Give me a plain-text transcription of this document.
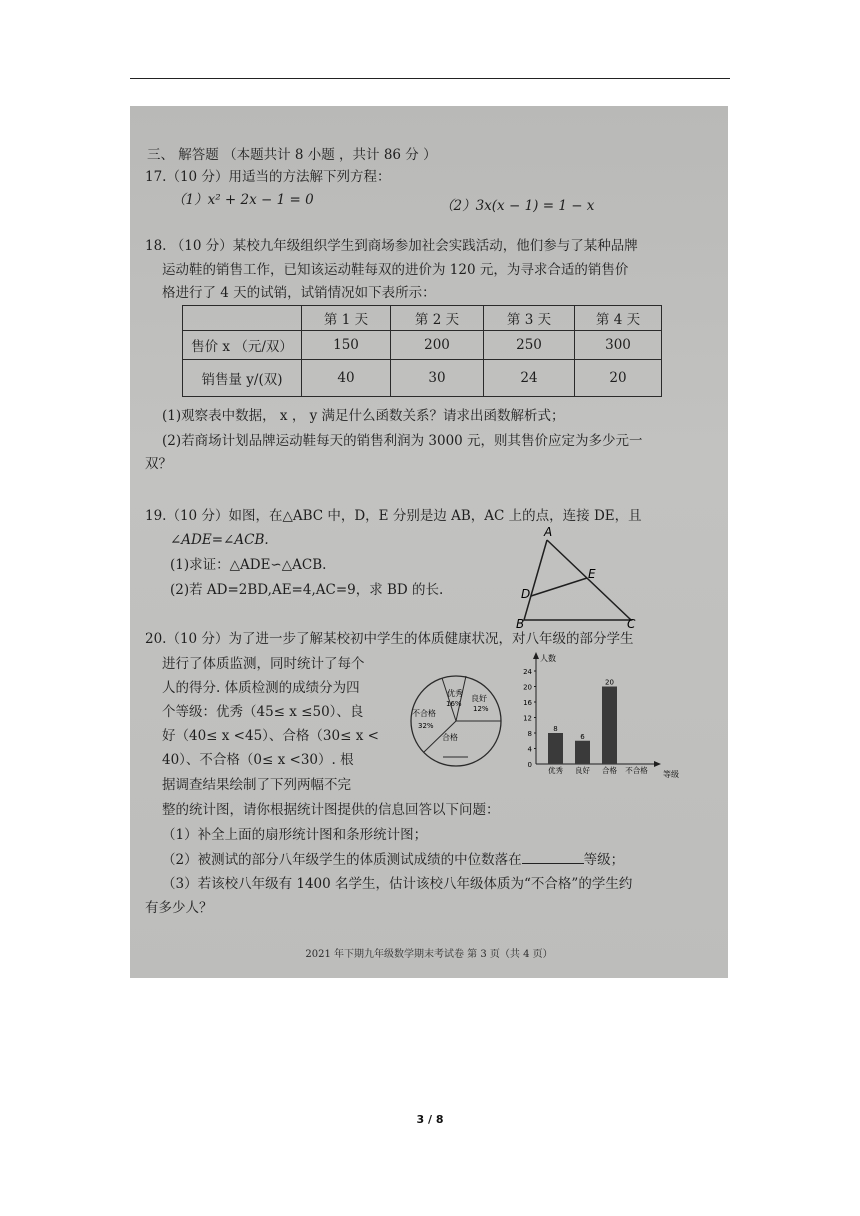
三、 解答题 （本题共计 8 小题 ，共计 86 分 ）
17.（10 分）用适当的方法解下列方程：
（1）x² + 2x − 1 = 0	（2）3x(x − 1) = 1 − x
18. （10 分）某校九年级组织学生到商场参加社会实践活动，他们参与了某种品牌
运动鞋的销售工作，已知该运动鞋每双的进价为 120 元，为寻求合适的销售价
格进行了 4 天的试销，试销情况如下表所示：
	第 1 天	第 2 天	第 3 天	第 4 天
售价 x （元/双）	150	200	250	300
销售量 y/(双)	40	30	24	20
(1)观察表中数据， x ， y 满足什么函数关系？请求出函数解析式；
(2)若商场计划品牌运动鞋每天的销售利润为 3000 元，则其售价应定为多少元一
双？
19.（10 分）如图，在△ABC 中，D，E 分别是边 AB，AC 上的点，连接 DE，且
∠ADE=∠ACB.
(1)求证：△ADE∽△ACB.
(2)若 AD=2BD,AE=4,AC=9，求 BD 的长.
A
B	C
D
E
20.（10 分）为了进一步了解某校初中学生的体质健康状况，对八年级的部分学生
进行了体质监测，同时统计了每个
人的得分. 体质检测的成绩分为四
个等级：优秀（45≤ x ≤50）、良
好（40≤ x <45）、合格（30≤ x <
40）、不合格（0≤ x <30）. 根
据调查结果绘制了下列两幅不完
整的统计图，请你根据统计图提供的信息回答以下问题：
（1）补全上面的扇形统计图和条形统计图；
（2）被测试的部分八年级学生的体质测试成绩的中位数落在	等级；
（3）若该校八年级有 1400 名学生，估计该校八年级体质为“不合格”的学生约
有多少人？
优秀
16%
良好
12%
不合格
32%
合格
人数
等级
0
4
8
12
16
20
24
8
优秀
6
良好
20
合格 不合格
2021 年下期九年级数学期末考试卷 第 3 页（共 4 页）
3 / 8
